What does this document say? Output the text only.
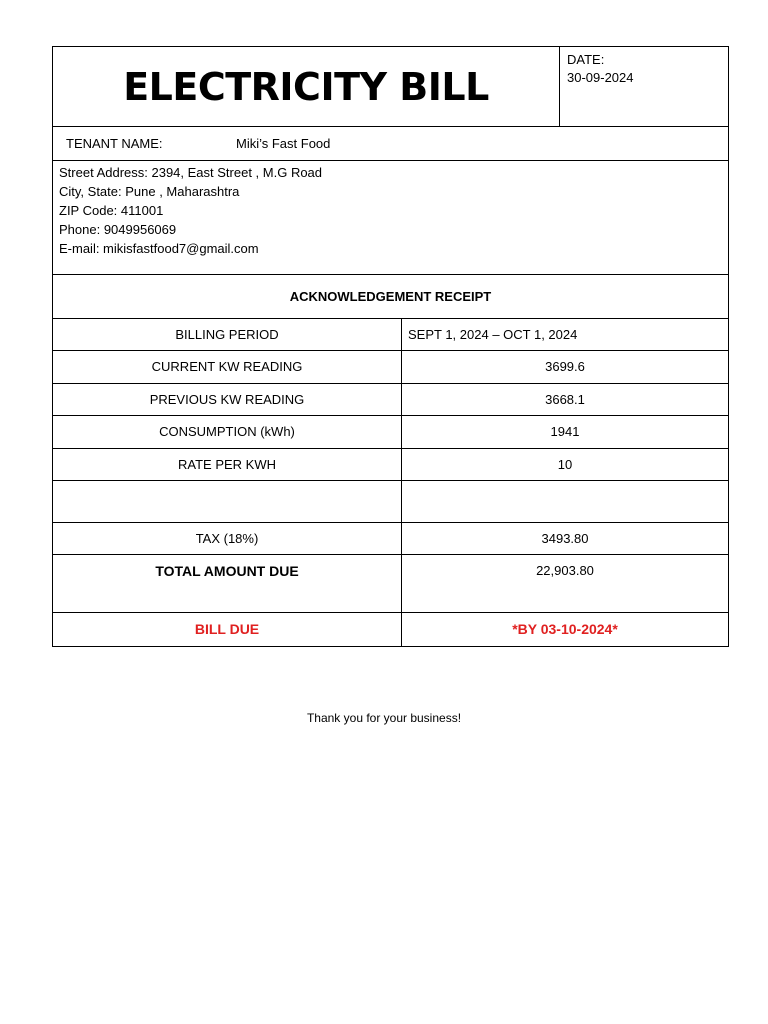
ELECTRICITY BILL
DATE:
30-09-2024
TENANT NAME:	Miki’s Fast Food
Street Address: 2394, East Street , M.G Road
City, State: Pune , Maharashtra
ZIP Code: 411001
Phone: 9049956069
E-mail: mikisfastfood7@gmail.com
ACKNOWLEDGEMENT RECEIPT
BILLING PERIOD	SEPT 1, 2024 – OCT 1, 2024
CURRENT KW READING	3699.6
PREVIOUS KW READING	3668.1
CONSUMPTION (kWh)	1941
RATE PER KWH	10
TAX (18%)	3493.80
TOTAL AMOUNT DUE	22,903.80
BILL DUE	*BY 03-10-2024*
Thank you for your business!
